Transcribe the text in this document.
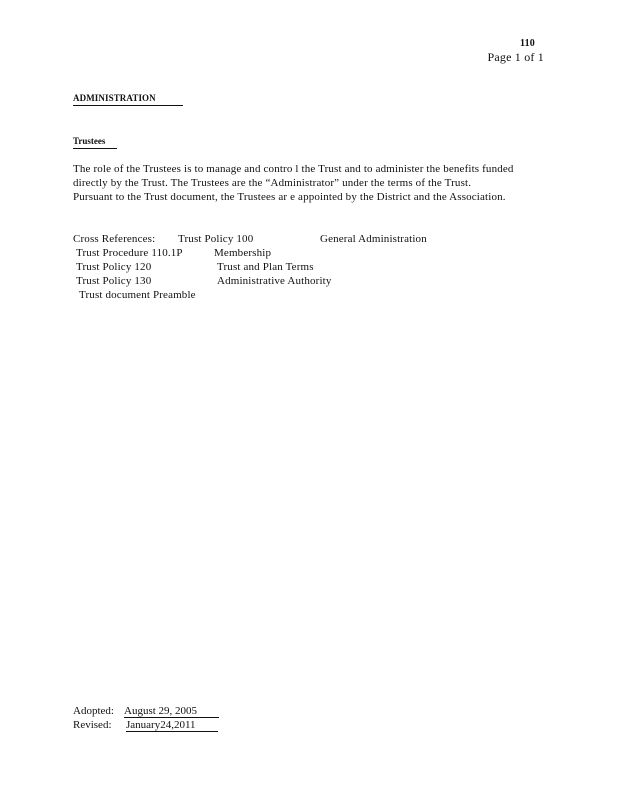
110
Page 1 of 1
ADMINISTRATION
Trustees
The role of the Trustees is to manage and contro l the Trust and to administer the benefits funded
directly by the Trust. The Trustees are the “Administrator” under the terms of the Trust.
Pursuant to the Trust document, the Trustees ar e appointed by the District and the Association.
Cross References: Trust Policy 100	General Administration
Trust Procedure 110.1P	Membership
Trust Policy 120	Trust and Plan Terms
Trust Policy 130	Administrative Authority
Trust document Preamble

Adopted:

August 29, 2005

Revised:

January24,2011
